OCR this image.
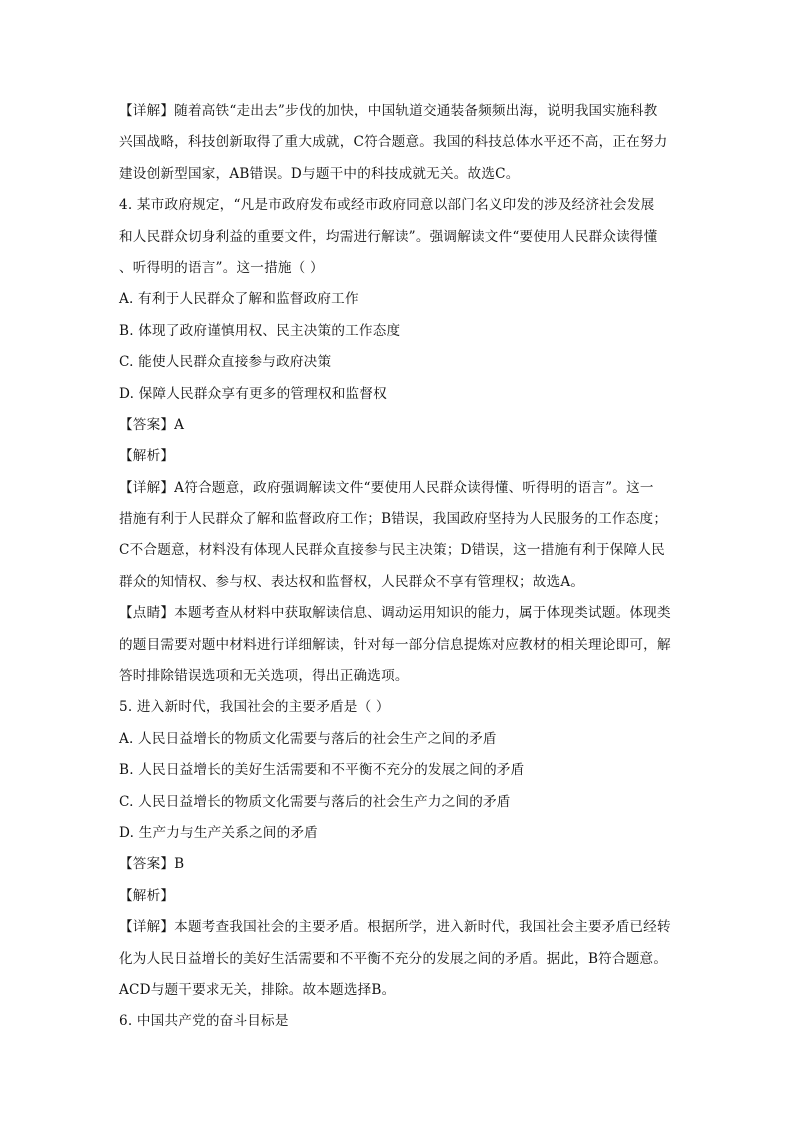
【详解】随着高铁“走出去”步伐的加快，中国轨道交通装备频频出海，说明我国实施科教
兴国战略，科技创新取得了重大成就，C符合题意。我国的科技总体水平还不高，正在努力
建设创新型国家，AB错误。D与题干中的科技成就无关。故选C。
4. 某市政府规定，“凡是市政府发布或经市政府同意以部门名义印发的涉及经济社会发展
和人民群众切身利益的重要文件，均需进行解读”。强调解读文件“要使用人民群众读得懂
、听得明的语言”。这一措施（ ）
A. 有利于人民群众了解和监督政府工作
B. 体现了政府谨慎用权、民主决策的工作态度
C. 能使人民群众直接参与政府决策
D. 保障人民群众享有更多的管理权和监督权
【答案】A
【解析】
【详解】A符合题意，政府强调解读文件“要使用人民群众读得懂、听得明的语言”。这一
措施有利于人民群众了解和监督政府工作；B错误，我国政府坚持为人民服务的工作态度；
C不合题意，材料没有体现人民群众直接参与民主决策；D错误，这一措施有利于保障人民
群众的知情权、参与权、表达权和监督权，人民群众不享有管理权；故选A。
【点睛】本题考查从材料中获取解读信息、调动运用知识的能力，属于体现类试题。体现类
的题目需要对题中材料进行详细解读，针对每一部分信息提炼对应教材的相关理论即可，解
答时排除错误选项和无关选项，得出正确选项。
5. 进入新时代，我国社会的主要矛盾是（ ）
A. 人民日益增长的物质文化需要与落后的社会生产之间的矛盾
B. 人民日益增长的美好生活需要和不平衡不充分的发展之间的矛盾
C. 人民日益增长的物质文化需要与落后的社会生产力之间的矛盾
D. 生产力与生产关系之间的矛盾
【答案】B
【解析】
【详解】本题考查我国社会的主要矛盾。根据所学，进入新时代，我国社会主要矛盾已经转
化为人民日益增长的美好生活需要和不平衡不充分的发展之间的矛盾。据此，B符合题意。
ACD与题干要求无关，排除。故本题选择B。
6. 中国共产党的奋斗目标是
